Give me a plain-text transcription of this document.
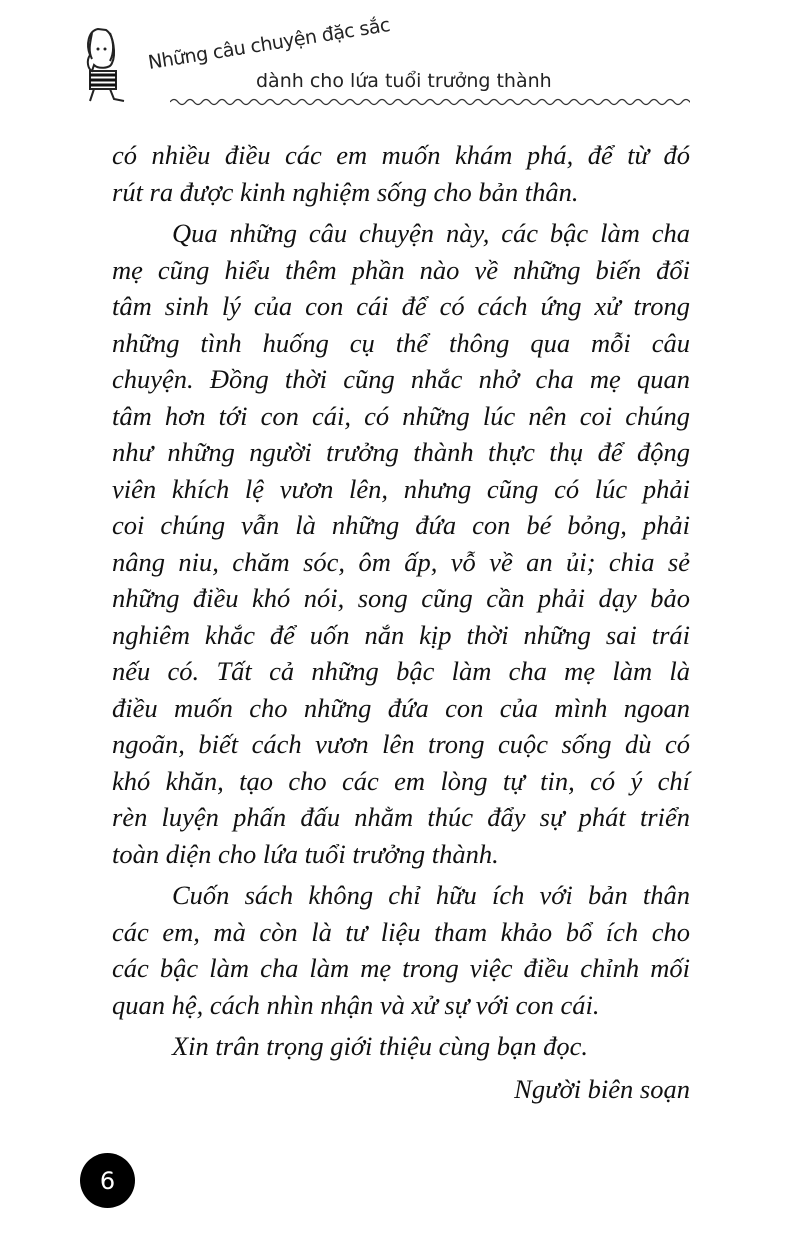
Những câu chuyện đặc sắc
dành cho lứa tuổi trưởng thành
có nhiều điều các em muốn khám phá, để từ đó
rút ra được kinh nghiệm sống cho bản thân.
Qua những câu chuyện này, các bậc làm cha
mẹ cũng hiểu thêm phần nào về những biến đổi
tâm sinh lý của con cái để có cách ứng xử trong
những tình huống cụ thể thông qua mỗi câu
chuyện. Đồng thời cũng nhắc nhở cha mẹ quan
tâm hơn tới con cái, có những lúc nên coi chúng
như những người trưởng thành thực thụ để động
viên khích lệ vươn lên, nhưng cũng có lúc phải
coi chúng vẫn là những đứa con bé bỏng, phải
nâng niu, chăm sóc, ôm ấp, vỗ về an ủi; chia sẻ
những điều khó nói, song cũng cần phải dạy bảo
nghiêm khắc để uốn nắn kịp thời những sai trái
nếu có. Tất cả những bậc làm cha mẹ làm là
điều muốn cho những đứa con của mình ngoan
ngoãn, biết cách vươn lên trong cuộc sống dù có
khó khăn, tạo cho các em lòng tự tin, có ý chí
rèn luyện phấn đấu nhằm thúc đẩy sự phát triển
toàn diện cho lứa tuổi trưởng thành.
Cuốn sách không chỉ hữu ích với bản thân
các em, mà còn là tư liệu tham khảo bổ ích cho
các bậc làm cha làm mẹ trong việc điều chỉnh mối
quan hệ, cách nhìn nhận và xử sự với con cái.
Xin trân trọng giới thiệu cùng bạn đọc.
Người biên soạn
6
